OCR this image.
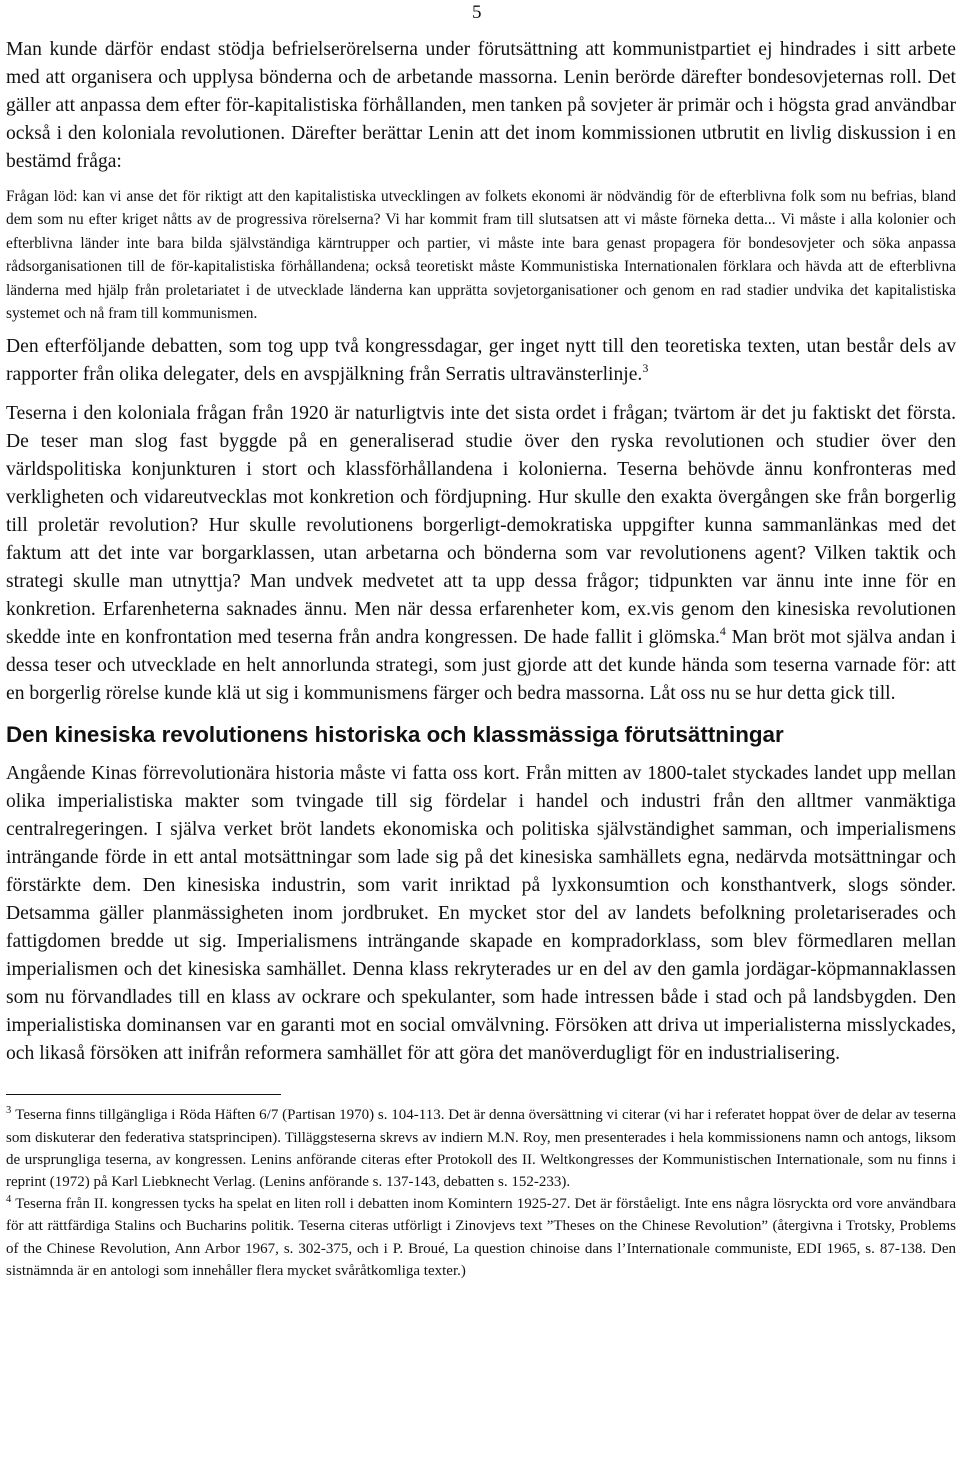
5

Man kunde därför endast stödja befrielserörelserna under förutsättning att kommunistpartiet ej hindrades i sitt arbete med att organisera och upplysa bönderna och de arbetande massorna. Lenin berörde därefter bondesovjeternas roll. Det gäller att anpassa dem efter för-kapitalistiska förhållanden, men tanken på sovjeter är primär och i högsta grad användbar också i den koloniala revolutionen. Därefter berättar Lenin att det inom kommissionen utbrutit en livlig diskussion i en bestämd fråga:

Frågan löd: kan vi anse det för riktigt att den kapitalistiska utvecklingen av folkets ekonomi är nödvändig för de efterblivna folk som nu befrias, bland dem som nu efter kriget nåtts av de progressiva rörelserna? Vi har kommit fram till slutsatsen att vi måste förneka detta... Vi måste i alla kolonier och efterblivna länder inte bara bilda självständiga kärntrupper och partier, vi måste inte bara genast propagera för bondesovjeter och söka anpassa rådsorganisationen till de för-kapitalistiska förhållandena; också teoretiskt måste Kommunistiska Internationalen förklara och hävda att de efterblivna länderna med hjälp från proletariatet i de utvecklade länderna kan upprätta sovjetorganisationer och genom en rad stadier undvika det kapitalistiska systemet och nå fram till kommunismen.

Den efterföljande debatten, som tog upp två kongressdagar, ger inget nytt till den teoretiska texten, utan består dels av rapporter från olika delegater, dels en avspjälkning från Serratis ultravänsterlinje.$^3$

Teserna i den koloniala frågan från 1920 är naturligtvis inte det sista ordet i frågan; tvärtom är det ju faktiskt det första. De teser man slog fast byggde på en generaliserad studie över den ryska revolutionen och studier över den världspolitiska konjunkturen i stort och klassförhållandena i kolonierna. Teserna behövde ännu konfronteras med verkligheten och vidareutvecklas mot konkretion och fördjupning. Hur skulle den exakta övergången ske från borgerlig till proletär revolution? Hur skulle revolutionens borgerligt-demokratiska uppgifter kunna sammanlänkas med det faktum att det inte var borgarklassen, utan arbetarna och bönderna som var revolutionens agent? Vilken taktik och strategi skulle man utnyttja? Man undvek medvetet att ta upp dessa frågor; tidpunkten var ännu inte inne för en konkretion. Erfarenheterna saknades ännu. Men när dessa erfarenheter kom, ex.vis genom den kinesiska revolutionen skedde inte en konfrontation med teserna från andra kongressen. De hade fallit i glömska.$^4$ Man bröt mot själva andan i dessa teser och utvecklade en helt annorlunda strategi, som just gjorde att det kunde hända som teserna varnade för: att en borgerlig rörelse kunde klä ut sig i kommunismens färger och bedra massorna. Låt oss nu se hur detta gick till.

Den kinesiska revolutionens historiska och klassmässiga förutsättningar

Angående Kinas förrevolutionära historia måste vi fatta oss kort. Från mitten av 1800-talet styckades landet upp mellan olika imperialistiska makter som tvingade till sig fördelar i handel och industri från den alltmer vanmäktiga centralregeringen. I själva verket bröt landets ekonomiska och politiska självständighet samman, och imperialismens inträngande förde in ett antal motsättningar som lade sig på det kinesiska samhällets egna, nedärvda motsättningar och förstärkte dem. Den kinesiska industrin, som varit inriktad på lyxkonsumtion och konsthantverk, slogs sönder. Detsamma gäller planmässigheten inom jordbruket. En mycket stor del av landets befolkning proletariserades och fattigdomen bredde ut sig. Imperialismens inträngande skapade en kompradorklass, som blev förmedlaren mellan imperialismen och det kinesiska samhället. Denna klass rekryterades ur en del av den gamla jordägar-köpmannaklassen som nu förvandlades till en klass av ockrare och spekulanter, som hade intressen både i stad och på landsbygden. Den imperialistiska dominansen var en garanti mot en social omvälvning. Försöken att driva ut imperialisterna misslyckades, och likaså försöken att inifrån reformera samhället för att göra det manöverdugligt för en industrialisering.

$^3$ Teserna finns tillgängliga i Röda Häften 6/7 (Partisan 1970) s. 104-113. Det är denna översättning vi citerar (vi har i referatet hoppat över de delar av teserna som diskuterar den federativa statsprincipen). Tilläggsteserna skrevs av indiern M.N. Roy, men presenterades i hela kommissionens namn och antogs, liksom de ursprungliga teserna, av kongressen. Lenins anförande citeras efter Protokoll des II. Weltkongresses der Kommunistischen Internationale, som nu finns i reprint (1972) på Karl Liebknecht Verlag. (Lenins anförande s. 137-143, debatten s. 152-233).

$^4$ Teserna från II. kongressen tycks ha spelat en liten roll i debatten inom Komintern 1925-27. Det är förståeligt. Inte ens några lösryckta ord vore användbara för att rättfärdiga Stalins och Bucharins politik. Teserna citeras utförligt i Zinovjevs text ”Theses on the Chinese Revolution” (återgivna i Trotsky, Problems of the Chinese Revolution, Ann Arbor 1967, s. 302-375, och i P. Broué, La question chinoise dans l’Internationale communiste, EDI 1965, s. 87-138. Den sistnämnda är en antologi som innehåller flera mycket svåråtkomliga texter.)
